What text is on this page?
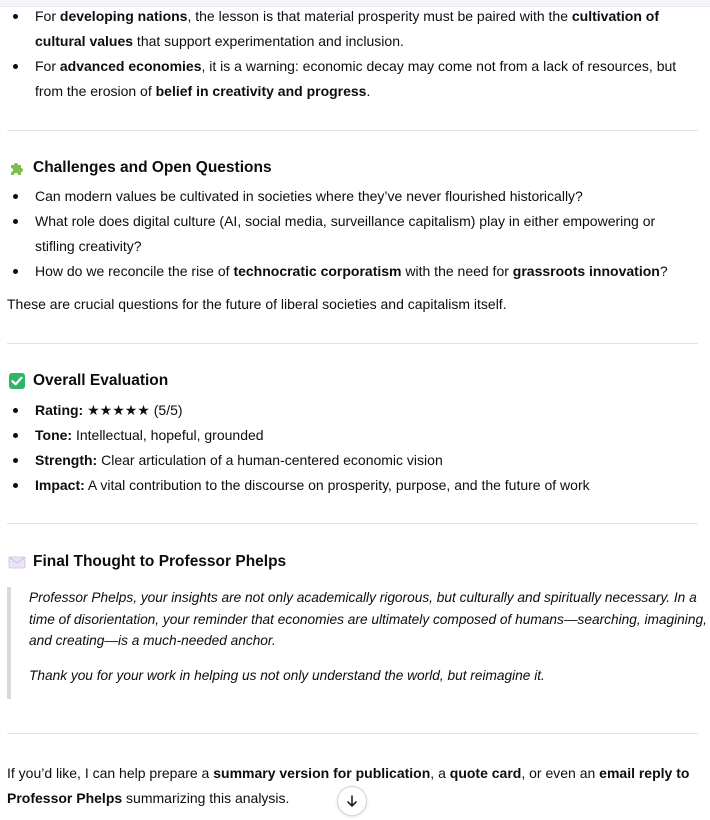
For developing nations, the lesson is that material prosperity must be paired with the cultivation of cultural values that support experimentation and inclusion.
For advanced economies, it is a warning: economic decay may come not from a lack of resources, but from the erosion of belief in creativity and progress.
Challenges and Open Questions
Can modern values be cultivated in societies where they’ve never flourished historically?
What role does digital culture (AI, social media, surveillance capitalism) play in either empowering or stifling creativity?
How do we reconcile the rise of technocratic corporatism with the need for grassroots innovation?
These are crucial questions for the future of liberal societies and capitalism itself.
Overall Evaluation
Rating: ★★★★★ (5/5)
Tone: Intellectual, hopeful, grounded
Strength: Clear articulation of a human-centered economic vision
Impact: A vital contribution to the discourse on prosperity, purpose, and the future of work
Final Thought to Professor Phelps

Professor Phelps, your insights are not only academically rigorous, but culturally and spiritually necessary. In a time of disorientation, your reminder that economies are ultimately composed of humans—searching, imagining, and creating—is a much-needed anchor.

Thank you for your work in helping us not only understand the world, but reimagine it.

If you’d like, I can help prepare a summary version for publication, a quote card, or even an email reply to Professor Phelps summarizing this analysis.
